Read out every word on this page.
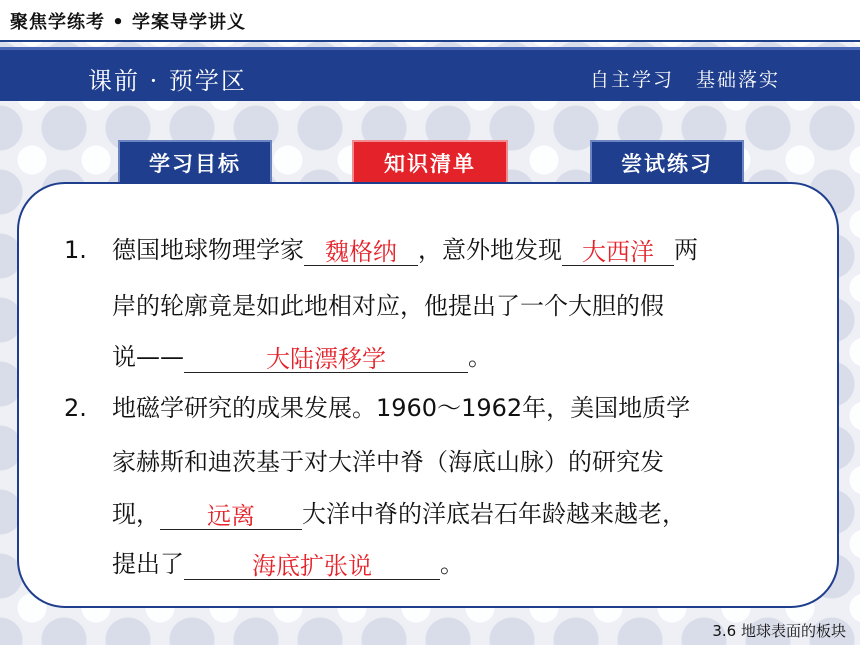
聚焦学练考 • 学案导学讲义
课前 · 预学区	自主学习 基础落实
学习目标	知识清单	尝试练习
1. 德国地球物理学家 魏格纳 ，意外地发现 大西洋 两
岸的轮廓竟是如此地相对应，他提出了一个大胆的假
说——	大陆漂移学	。
2. 地磁学研究的成果发展。1960～1962年，美国地质学
家赫斯和迪茨基于对大洋中脊（海底山脉）的研究发
现， 远离 大洋中脊的洋底岩石年龄越来越老，
提出了	海底扩张说	。
3.6 地球表面的板块
